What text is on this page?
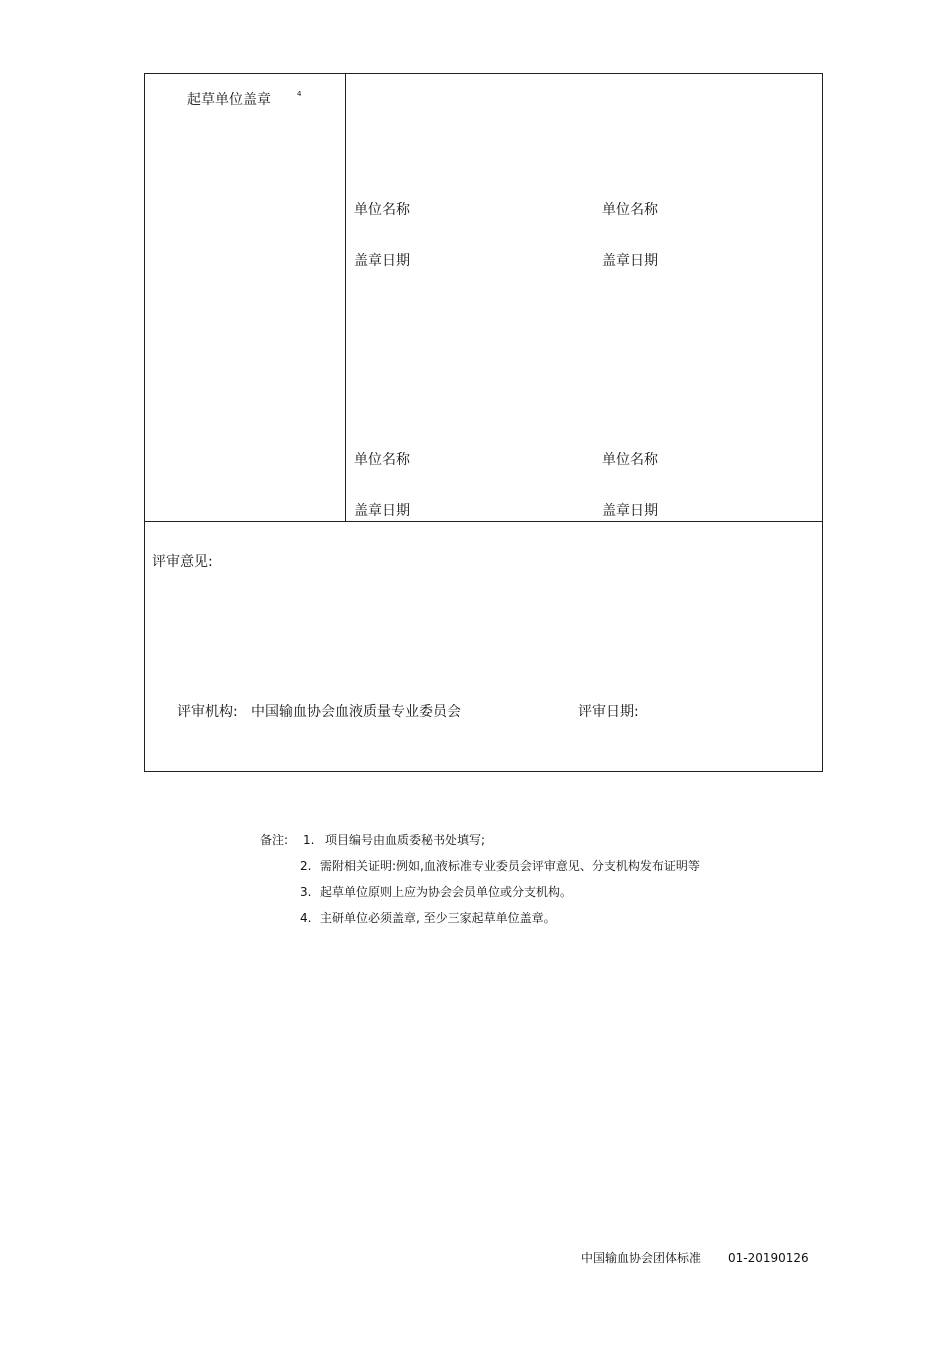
起草单位盖章	4
单位名称
盖章日期
单位名称
盖章日期
单位名称
盖章日期
单位名称
盖章日期
评审意见:
评审机构: 中国输血协会血液质量专业委员会	评审日期:
备注: 1. 项目编号由血质委秘书处填写;
2. 需附相关证明:例如,血液标准专业委员会评审意见、分支机构发布证明等
3. 起草单位原则上应为协会会员单位或分支机构。
4. 主研单位必须盖章, 至少三家起草单位盖章。
中国输血协会团体标准 01-20190126
